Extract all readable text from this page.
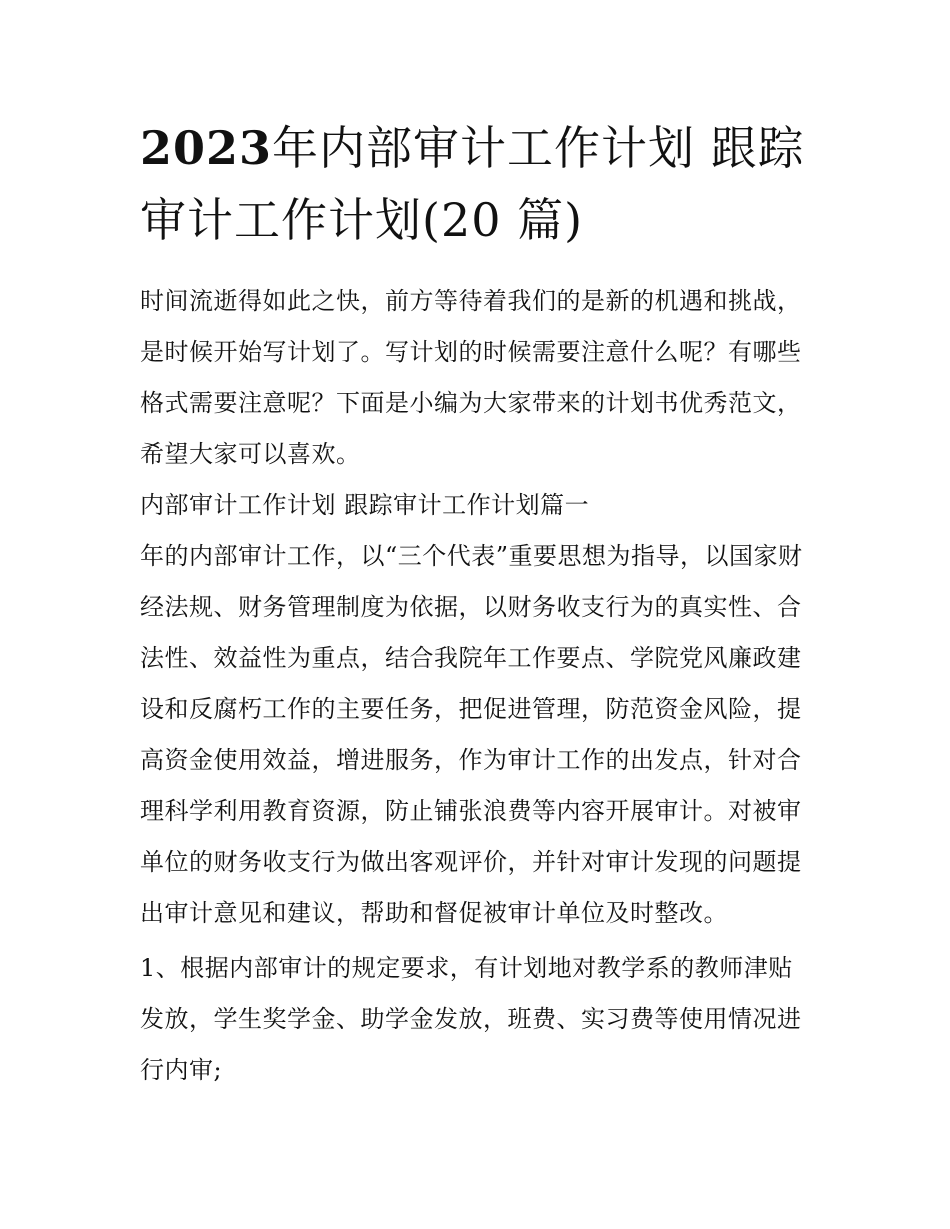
2023年内部审计工作计划 跟踪审计工作计划(20 篇)

时间流逝得如此之快，前方等待着我们的是新的机遇和挑战，是时候开始写计划了。写计划的时候需要注意什么呢？有哪些格式需要注意呢？下面是小编为大家带来的计划书优秀范文，希望大家可以喜欢。

内部审计工作计划 跟踪审计工作计划篇一

年的内部审计工作，以“三个代表”重要思想为指导，以国家财经法规、财务管理制度为依据，以财务收支行为的真实性、合法性、效益性为重点，结合我院年工作要点、学院党风廉政建设和反腐朽工作的主要任务，把促进管理，防范资金风险，提高资金使用效益，增进服务，作为审计工作的出发点，针对合理科学利用教育资源，防止铺张浪费等内容开展审计。对被审单位的财务收支行为做出客观评价，并针对审计发现的问题提出审计意见和建议，帮助和督促被审计单位及时整改。

1、根据内部审计的规定要求，有计划地对教学系的教师津贴发放，学生奖学金、助学金发放，班费、实习费等使用情况进行内审;
